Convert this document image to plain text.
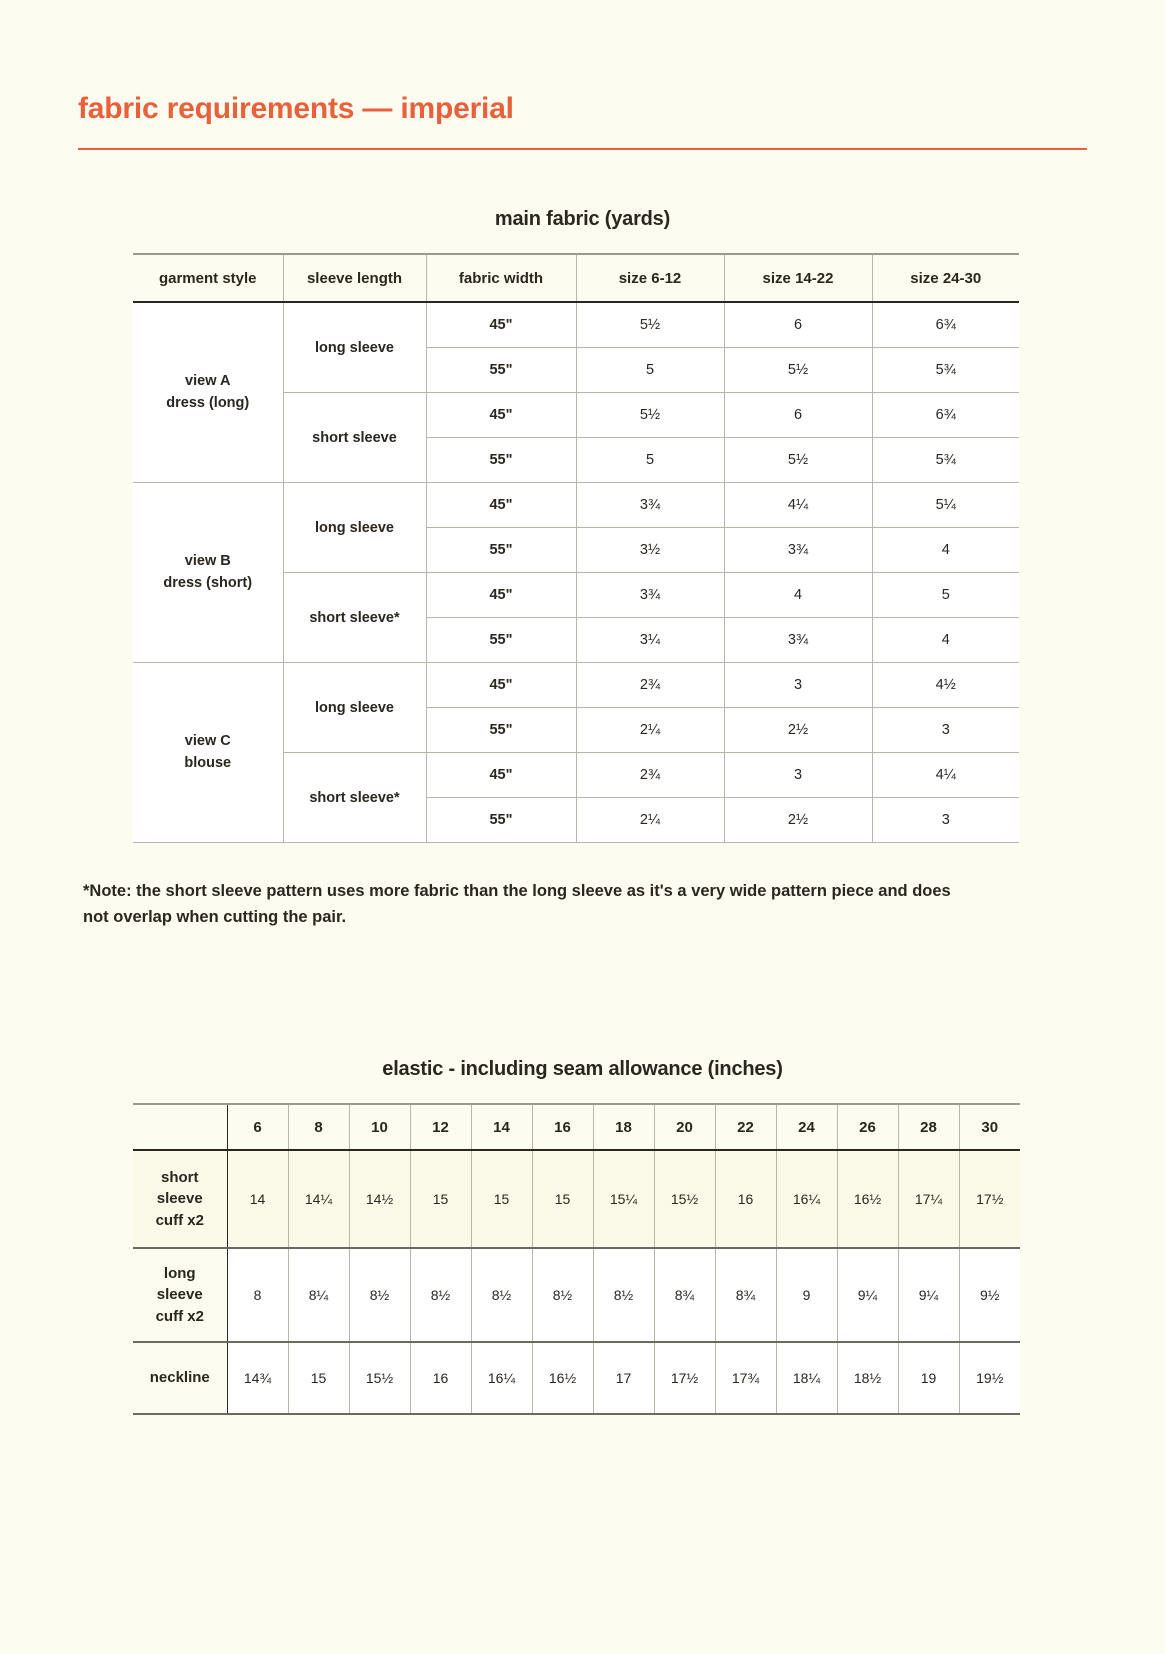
fabric requirements — imperial
main fabric (yards)
garment style	sleeve length	fabric width	size 6-12	size 14-22	size 24-30
view A
dress (long)	long sleeve	45"	5½	6	6¾
		55"	5	5½	5¾
	short sleeve	45"	5½	6	6¾
		55"	5	5½	5¾
view B
dress (short)	long sleeve	45"	3¾	4¼	5¼
		55"	3½	3¾	4
	short sleeve*	45"	3¾	4	5
		55"	3¼	3¾	4
view C
blouse	long sleeve	45"	2¾	3	4½
		55"	2¼	2½	3
	short sleeve*	45"	2¾	3	4¼
		55"	2¼	2½	3

*Note: the short sleeve pattern uses more fabric than the long sleeve as it's a very wide pattern piece and does not overlap when cutting the pair.

elastic - including seam allowance (inches)
	6	8	10	12	14	16	18	20	22	24	26	28	30
short
sleeve
cuff x2	14	14¼	14½	15	15	15	15¼	15½	16	16¼	16½	17¼	17½
long
sleeve
cuff x2	8	8¼	8½	8½	8½	8½	8½	8¾	8¾	9	9¼	9¼	9½
neckline	14¾	15	15½	16	16¼	16½	17	17½	17¾	18¼	18½	19	19½
